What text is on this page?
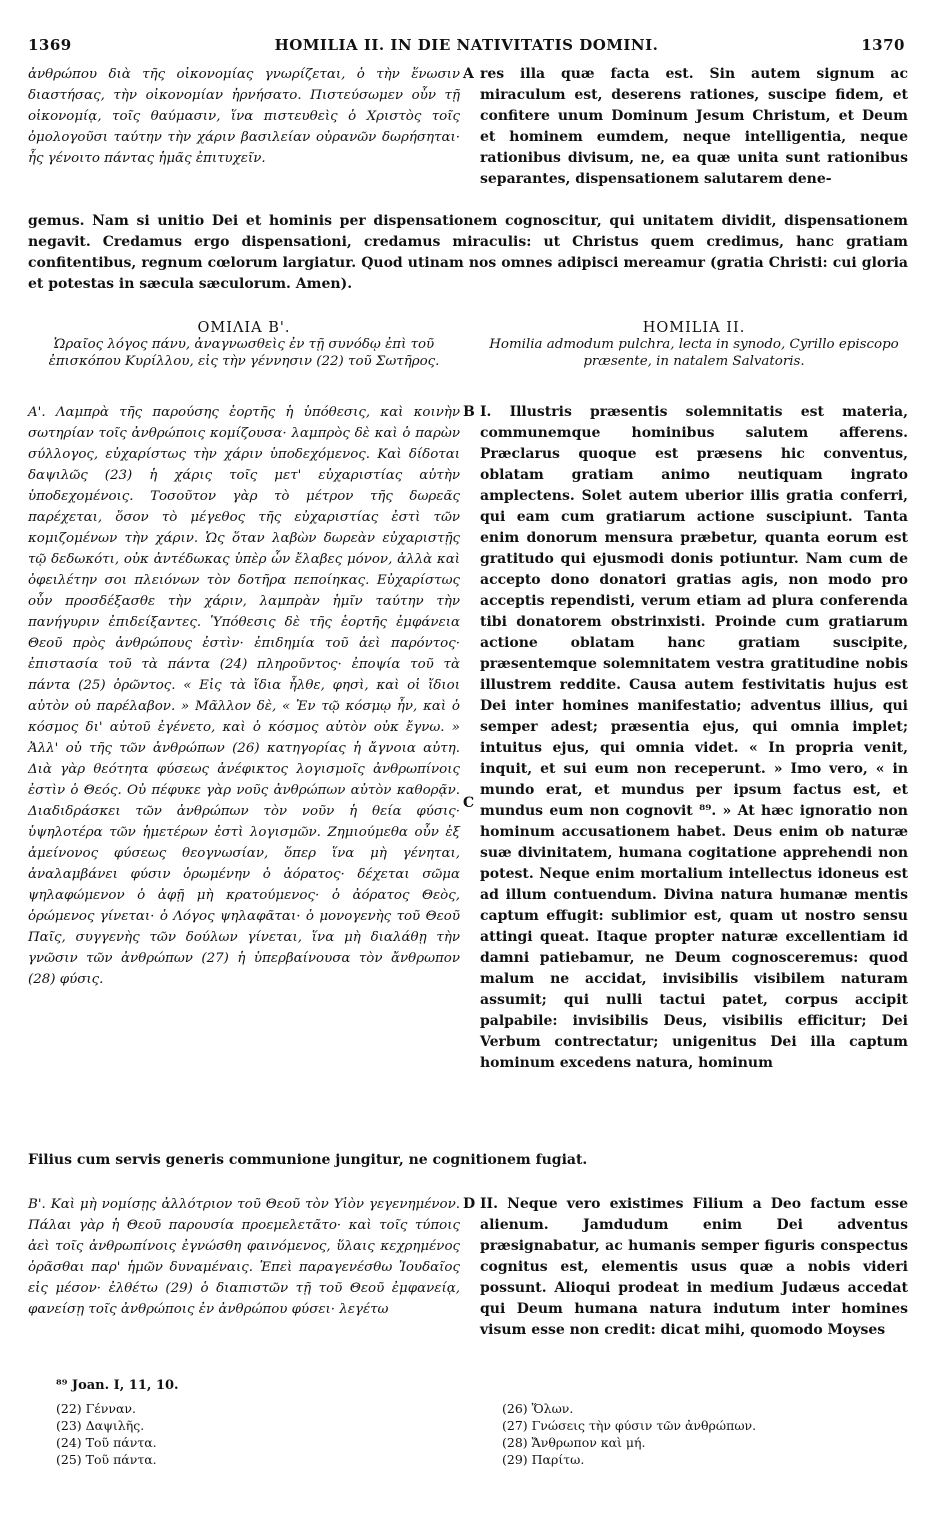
1369	HOMILIA II. IN DIE NATIVITATIS DOMINI.	1370

ἀνθρώπου διὰ τῆς οἰκονομίας γνωρίζεται, ὁ τὴν ἕνωσιν διαστήσας, τὴν οἰκονομίαν ἠρνήσατο. Πιστεύσωμεν οὖν τῇ οἰκονομίᾳ, τοῖς θαύμασιν, ἵνα πιστευθεὶς ὁ Χριστὸς τοῖς ὁμολογοῦσι ταύτην τὴν χάριν βασιλείαν οὐρανῶν δωρήσηται· ἧς γένοιτο πάντας ἡμᾶς ἐπιτυχεῖν.

A res illa quæ facta est. Sin autem signum ac miraculum est, deserens rationes, suscipe fidem, et confitere unum Dominum Jesum Christum, et Deum et hominem eumdem, neque intelligentia, neque rationibus divisum, ne, ea quæ unita sunt rationibus separantes, dispensationem salutarem dene-

gemus. Nam si unitio Dei et hominis per dispensationem cognoscitur, qui unitatem dividit, dispensationem negavit. Credamus ergo dispensationi, credamus miraculis: ut Christus quem credimus, hanc gratiam confitentibus, regnum cœlorum largiatur. Quod utinam nos omnes adipisci mereamur (gratia Christi: cui gloria et potestas in sæcula sæculorum. Amen).

ΟΜΙΛΙΑ Β'.

Ὡραῖος λόγος πάνυ, ἀναγνωσθεὶς ἐν τῇ συνόδῳ ἐπὶ τοῦ ἐπισκόπου Κυρίλλου, εἰς τὴν γέννησιν (22) τοῦ Σωτῆρος.

HOMILIA II.

Homilia admodum pulchra, lecta in synodo, Cyrillo episcopo præsente, in natalem Salvatoris.

Α'. Λαμπρὰ τῆς παρούσης ἑορτῆς ἡ ὑπόθεσις, καὶ κοινὴν σωτηρίαν τοῖς ἀνθρώποις κομίζουσα· λαμπρὸς δὲ καὶ ὁ παρὼν σύλλογος, εὐχαρίστως τὴν χάριν ὑποδεχόμενος. Καὶ δίδοται δαψιλῶς (23) ἡ χάρις τοῖς μετ' εὐχαριστίας αὐτὴν ὑποδεχομένοις. Τοσοῦτον γὰρ τὸ μέτρον τῆς δωρεᾶς παρέχεται, ὅσον τὸ μέγεθος τῆς εὐχαριστίας ἐστὶ τῶν κομιζομένων τὴν χάριν. Ὡς ὅταν λαβὼν δωρεὰν εὐχαριστῇς τῷ δεδωκότι, οὐκ ἀντέδωκας ὑπὲρ ὧν ἔλαβες μόνον, ἀλλὰ καὶ ὀφειλέτην σοι πλειόνων τὸν δοτῆρα πεποίηκας. Εὐχαρίστως οὖν προσδέξασθε τὴν χάριν, λαμπρὰν ἡμῖν ταύτην τὴν πανήγυριν ἐπιδείξαντες. Ὑπόθεσις δὲ τῆς ἑορτῆς ἐμφάνεια Θεοῦ πρὸς ἀνθρώπους ἐστὶν· ἐπιδημία τοῦ ἀεὶ παρόντος· ἐπιστασία τοῦ τὰ πάντα (24) πληροῦντος· ἐποψία τοῦ τὰ πάντα (25) ὁρῶντος. « Εἰς τὰ ἴδια ἦλθε, φησὶ, καὶ οἱ ἴδιοι αὐτὸν οὐ παρέλαβον. » Μᾶλλον δὲ, « Ἐν τῷ κόσμῳ ἦν, καὶ ὁ κόσμος δι' αὐτοῦ ἐγένετο, καὶ ὁ κόσμος αὐτὸν οὐκ ἔγνω. » Ἀλλ' οὐ τῆς τῶν ἀνθρώπων (26) κατηγορίας ἡ ἄγνοια αὐτη. Διὰ γὰρ θεότητα φύσεως ἀνέφικτος λογισμοῖς ἀνθρωπίνοις ἐστὶν ὁ Θεός. Οὐ πέφυκε γὰρ νοῦς ἀνθρώπων αὐτὸν καθορᾷν. Διαδιδράσκει τῶν ἀνθρώπων τὸν νοῦν ἡ θεία φύσις· ὑψηλοτέρα τῶν ἡμετέρων ἐστὶ λογισμῶν. Ζημιούμεθα οὖν ἐξ ἀμείνονος φύσεως θεογνωσίαν, ὅπερ ἵνα μὴ γένηται, ἀναλαμβάνει φύσιν ὁρωμένην ὁ ἀόρατος· δέχεται σῶμα ψηλαφώμενον ὁ ἀφῇ μὴ κρατούμενος· ὁ ἀόρατος Θεὸς, ὁρώμενος γίνεται· ὁ Λόγος ψηλαφᾶται· ὁ μονογενὴς τοῦ Θεοῦ Παῖς, συγγενὴς τῶν δούλων γίνεται, ἵνα μὴ διαλάθῃ τὴν γνῶσιν τῶν ἀνθρώπων (27) ἡ ὑπερβαίνουσα τὸν ἄνθρωπον (28) φύσις.

B
C

I. Illustris præsentis solemnitatis est materia, communemque hominibus salutem afferens. Præclarus quoque est præsens hic conventus, oblatam gratiam animo neutiquam ingrato amplectens. Solet autem uberior illis gratia conferri, qui eam cum gratiarum actione suscipiunt. Tanta enim donorum mensura præbetur, quanta eorum est gratitudo qui ejusmodi donis potiuntur. Nam cum de accepto dono donatori gratias agis, non modo pro acceptis rependisti, verum etiam ad plura conferenda tibi donatorem obstrinxisti. Proinde cum gratiarum actione oblatam hanc gratiam suscipite, præsentemque solemnitatem vestra gratitudine nobis illustrem reddite. Causa autem festivitatis hujus est Dei inter homines manifestatio; adventus illius, qui semper adest; præsentia ejus, qui omnia implet; intuitus ejus, qui omnia videt. « In propria venit, inquit, et sui eum non receperunt. » Imo vero, « in mundo erat, et mundus per ipsum factus est, et mundus eum non cognovit ⁸⁹. » At hæc ignoratio non hominum accusationem habet. Deus enim ob naturæ suæ divinitatem, humana cogitatione apprehendi non potest. Neque enim mortalium intellectus idoneus est ad illum contuendum. Divina natura humanæ mentis captum effugit: sublimior est, quam ut nostro sensu attingi queat. Itaque propter naturæ excellentiam id damni patiebamur, ne Deum cognosceremus: quod malum ne accidat, invisibilis visibilem naturam assumit; qui nulli tactui patet, corpus accipit palpabile: invisibilis Deus, visibilis efficitur; Dei Verbum contrectatur; unigenitus Dei illa captum hominum excedens natura, hominum

Filius cum servis generis communione jungitur, ne cognitionem fugiat.

Β'. Καὶ μὴ νομίσῃς ἀλλότριον τοῦ Θεοῦ τὸν Υἱὸν γεγενημένον. Πάλαι γὰρ ἡ Θεοῦ παρουσία προεμελετᾶτο· καὶ τοῖς τύποις ἀεὶ τοῖς ἀνθρωπίνοις ἐγνώσθη φαινόμενος, ὕλαις κεχρημένος ὁρᾶσθαι παρ' ἡμῶν δυναμέναις. Ἐπεὶ παραγενέσθω Ἰουδαῖος εἰς μέσον· ἐλθέτω (29) ὁ διαπιστῶν τῇ τοῦ Θεοῦ ἐμφανείᾳ, φανείσῃ τοῖς ἀνθρώποις ἐν ἀνθρώπου φύσει· λεγέτω

D II. Neque vero existimes Filium a Deo factum esse alienum. Jamdudum enim Dei adventus præsignabatur, ac humanis semper figuris conspectus cognitus est, elementis usus quæ a nobis videri possunt. Alioqui prodeat in medium Judæus accedat qui Deum humana natura indutum inter homines visum esse non credit: dicat mihi, quomodo Moyses

⁸⁹ Joan. I, 11, 10.

(22) Γένναν.

(23) Δαψιλῆς.

(24) Τοῦ πάντα.

(25) Τοῦ πάντα.

(26) Ὅλων.

(27) Γνώσεις τὴν φύσιν τῶν ἀνθρώπων.

(28) Ἄνθρωπον καὶ μή.

(29) Παρίτω.
